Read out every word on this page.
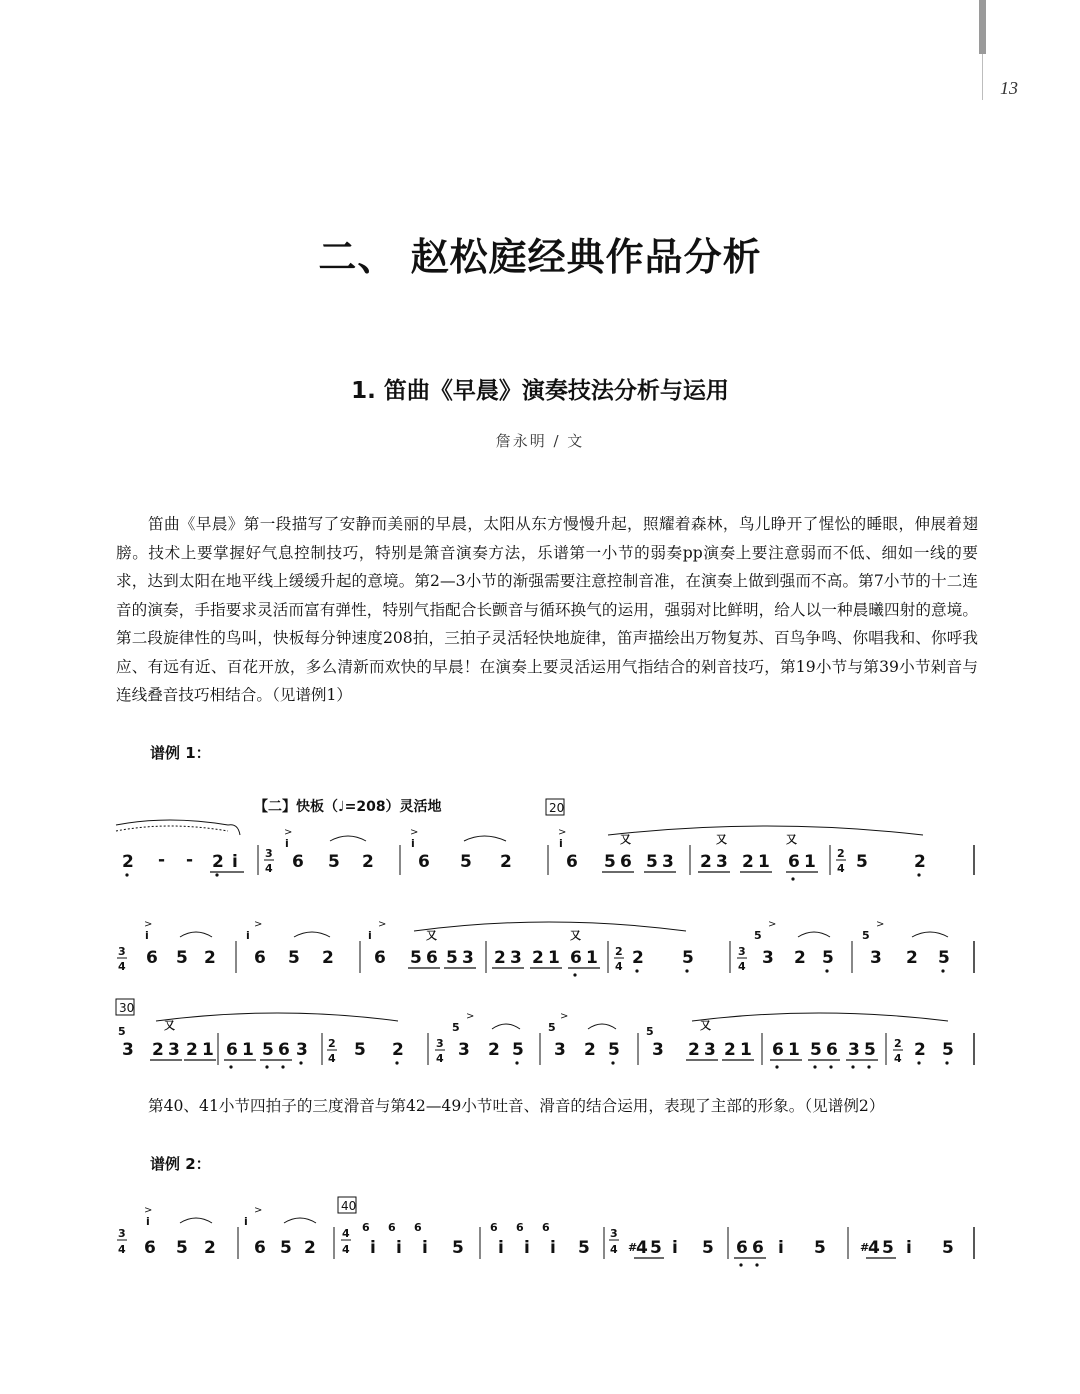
13
二、 赵松庭经典作品分析
1. 笛曲《早晨》演奏技法分析与运用
詹永明 / 文
笛曲《早晨》第一段描写了安静而美丽的早晨，太阳从东方慢慢升起，照耀着森林，鸟儿睁开了惺忪的睡眼，伸展着翅膀。技术上要掌握好气息控制技巧，特别是箫音演奏方法，乐谱第一小节的弱奏pp演奏上要注意弱而不低、细如一线的要求，达到太阳在地平线上缓缓升起的意境。第2—3小节的渐强需要注意控制音准，在演奏上做到强而不高。第7小节的十二连音的演奏，手指要求灵活而富有弹性，特别气指配合长颤音与循环换气的运用，强弱对比鲜明，给人以一种晨曦四射的意境。第二段旋律性的鸟叫，快板每分钟速度208拍，三拍子灵活轻快地旋律，笛声描绘出万物复苏、百鸟争鸣、你唱我和、你呼我应、有远有近、百花开放，多么清新而欢快的早晨！在演奏上要灵活运用气指结合的剁音技巧，第19小节与第39小节剁音与连线叠音技巧相结合。（见谱例1）
谱例 1：
【二】快板（♩=208）灵活地	20
2 - - 2 i 3
4
>
i
6 5 2
>
i
6 5 2
>
i
6
又	又	又
5 6 5 3 2 3 2 1 6 1 2
4 5	2
3
4
>
i
6 5 2
>
i
6 5 2
>
i
6
又	又
5 6 5 3 2 3 2 1 6 1 2
4 2 5	3
4
>
5
3 2 5
>
5
3 2 5
30
5
3
又
2 3 2 1 6 1 5 6 3 2
4 5 2	3
4
>
5
3 2 5
>
5
3 2 5
5
3
又
2 3 2 1 6 1 5 6 3 5 2
4 2 5
第40、41小节四拍子的三度滑音与第42—49小节吐音、滑音的结合运用，表现了主部的形象。（见谱例2）
谱例 2：
40
3
4
>
i
6 5 2
>
i
6 5 2
4
4
6
i
6
i
6
i 5
6
i
6
i
6
i 5
3
4 #
4 5 i 5 6 6 i 5	#
4 5 i 5
